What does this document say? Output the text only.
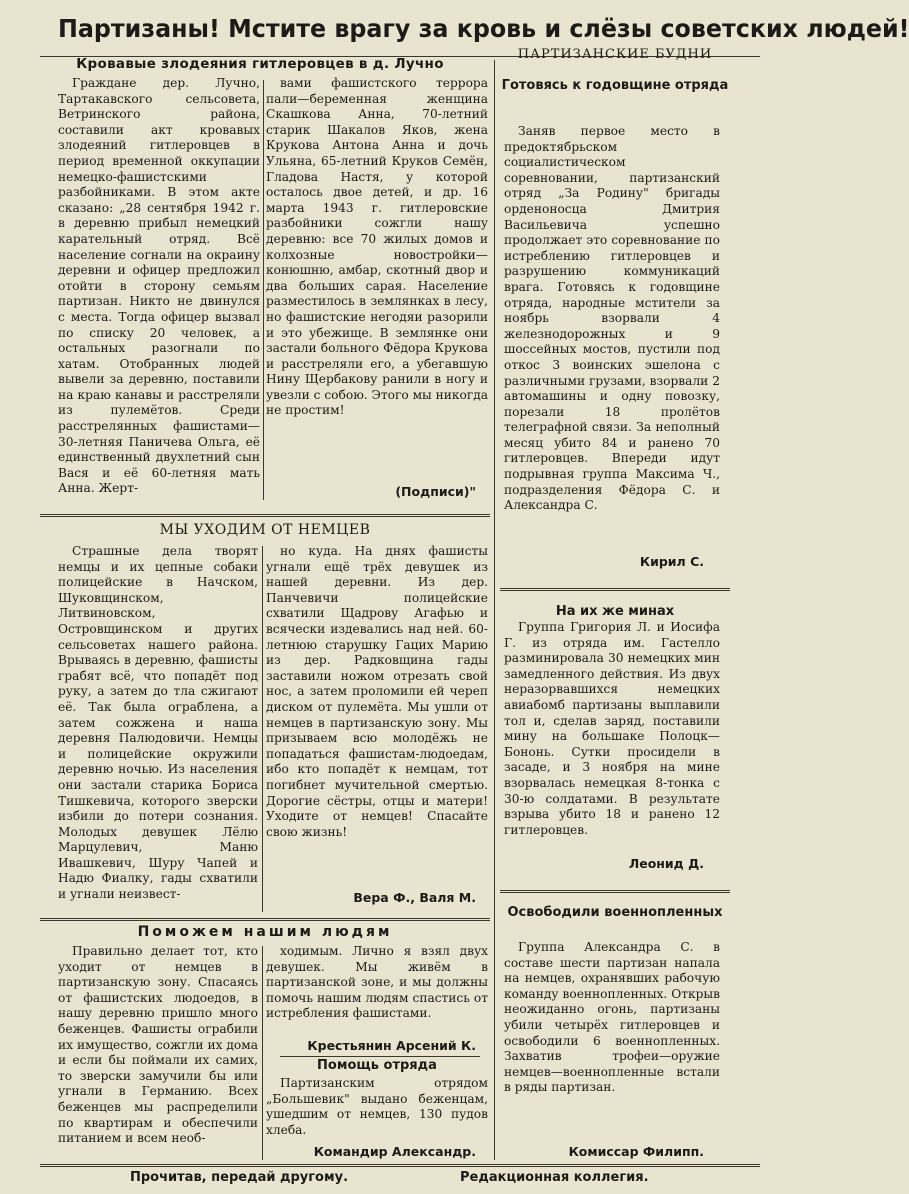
Партизаны! Мстите врагу за кровь и слёзы советских людей!
Кровавые злодеяния гитлеровцев в д. Лучно

Граждане дер. Лучно, Тартакавского сельсовета, Ветринского района, составили акт кровавых злодеяний гитлеровцев в период временной оккупации немецко-фашистскими разбойниками. В этом акте сказано: „28 сентября 1942 г. в деревню прибыл немецкий карательный отряд. Всё население согнали на окраину деревни и офицер предложил отойти в сторону семьям партизан. Никто не двинулся с места. Тогда офицер вызвал по списку 20 человек, а остальных разогнали по хатам. Отобранных людей вывели за деревню, поставили на краю канавы и расстреляли из пулемётов. Среди расстрелянных фашистами—30-летняя Паничева Ольга, её единственный двухлетний сын Вася и её 60-летняя мать Анна. Жерт-

вами фашистского террора пали—беременная женщина Скашкова Анна, 70-летний старик Шакалов Яков, жена Крукова Антона Анна и дочь Ульяна, 65-летний Круков Семён, Гладова Настя, у которой осталось двое детей, и др. 16 марта 1943 г. гитлеровские разбойники сожгли нашу деревню: все 70 жилых домов и колхозные новостройки—конюшню, амбар, скотный двор и два больших сарая. Население разместилось в землянках в лесу, но фашистские негодяи разорили и это убежище. В землянке они застали больного Фёдора Крукова и расстреляли его, а убегавшую Нину Щербакову ранили в ногу и увезли с собою. Этого мы никогда не простим!

(Подписи)"
ПАРТИЗАНСКИЕ БУДНИ
Готовясь к годовщине отряда

Заняв первое место в предоктябрьском социалистическом соревновании, партизанский отряд „За Родину" бригады орденоносца Дмитрия Васильевича успешно продолжает это соревнование по истреблению гитлеровцев и разрушению коммуникаций врага. Готовясь к годовщине отряда, народные мстители за ноябрь взорвали 4 железнодорожных и 9 шоссейных мостов, пустили под откос 3 воинских эшелона с различными грузами, взорвали 2 автомашины и одну повозку, порезали 18 пролётов телеграфной связи. За неполный месяц убито 84 и ранено 70 гитлеровцев. Впереди идут подрывная группа Максима Ч., подразделения Фёдора С. и Александра С.

Кирил С.
МЫ УХОДИМ ОТ НЕМЦЕВ

Страшные дела творят немцы и их цепные собаки полицейские в Начском, Шуковщинском, Литвиновском, Островщинском и других сельсоветах нашего района. Врываясь в деревню, фашисты грабят всё, что попадёт под руку, а затем до тла сжигают её. Так была ограблена, а затем сожжена и наша деревня Палюдовичи. Немцы и полицейские окружили деревню ночью. Из населения они застали старика Бориса Тишкевича, которого зверски избили до потери сознания. Молодых девушек Лёлю Марцулевич, Маню Ивашкевич, Шуру Чапей и Надю Фиалку, гады схватили и угнали неизвест-

но куда. На днях фашисты угнали ещё трёх девушек из нашей деревни. Из дер. Панчевичи полицейские схватили Щадрову Агафью и всячески издевались над ней. 60-летнюю старушку Гацих Марию из дер. Радковщина гады заставили ножом отрезать свой нос, а затем проломили ей череп диском от пулемёта. Мы ушли от немцев в партизанскую зону. Мы призываем всю молодёжь не попадаться фашистам-людоедам, ибо кто попадёт к немцам, тот погибнет мучительной смертью. Дорогие сёстры, отцы и матери! Уходите от немцев! Спасайте свою жизнь!

Вера Ф., Валя М.
На их же минах

Группа Григория Л. и Иосифа Г. из отряда им. Гастелло разминировала 30 немецких мин замедленного действия. Из двух неразорвавшихся немецких авиабомб партизаны выплавили тол и, сделав заряд, поставили мину на большаке Полоцк—Бононь. Сутки просидели в засаде, и 3 ноября на мине взорвалась немецкая 8-тонка с 30-ю солдатами. В результате взрыва убито 18 и ранено 12 гитлеровцев.

Леонид Д.
Поможем нашим людям

Правильно делает тот, кто уходит от немцев в партизанскую зону. Спасаясь от фашистских людоедов, в нашу деревню пришло много беженцев. Фашисты ограбили их имущество, сожгли их дома и если бы поймали их самих, то зверски замучили бы или угнали в Германию. Всех беженцев мы распределили по квартирам и обеспечили питанием и всем необ-

ходимым. Лично я взял двух девушек. Мы живём в партизанской зоне, и мы должны помочь нашим людям спастись от истребления фашистами.

Крестьянин Арсений К.
Помощь отряда

Партизанским отрядом „Большевик" выдано беженцам, ушедшим от немцев, 130 пудов хлеба.

Командир Александр.
Освободили военнопленных

Группа Александра С. в составе шести партизан напала на немцев, охранявших рабочую команду военнопленных. Открыв неожиданно огонь, партизаны убили четырёх гитлеровцев и освободили 6 военнопленных. Захватив трофеи—оружие немцев—военнопленные встали в ряды партизан.

Комиссар Филипп.
Прочитав, передай другому.	Редакционная коллегия.
